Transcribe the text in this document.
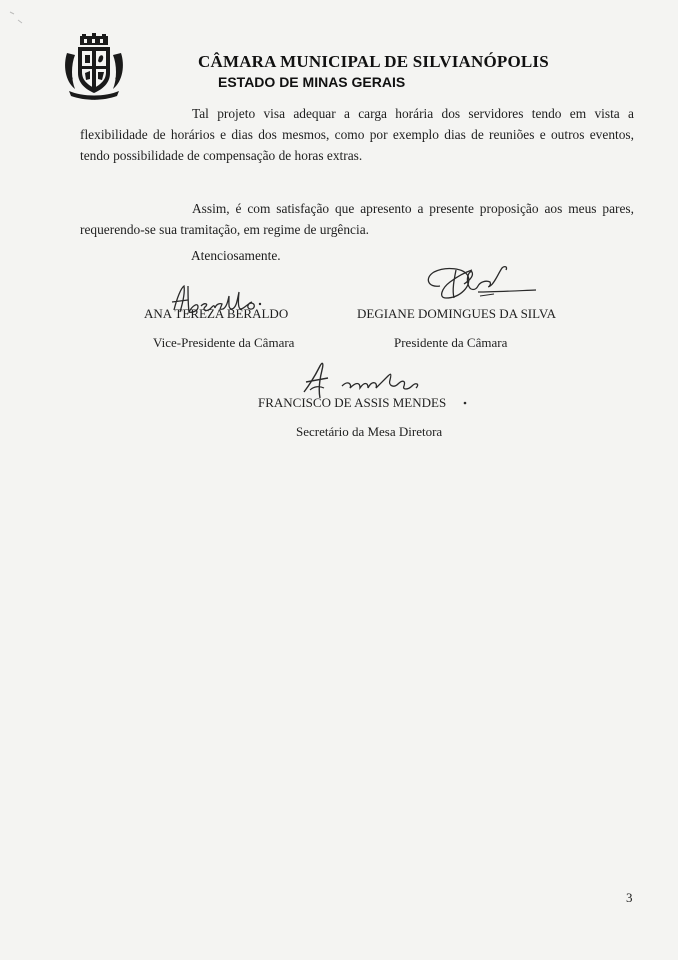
MG
CÂMARA MUNICIPAL DE SILVIANÓPOLIS
ESTADO DE MINAS GERAIS
Tal projeto visa adequar a carga horária dos servidores tendo em vista a
flexibilidade de horários e dias dos mesmos, como por exemplo dias de reuniões e outros eventos,
tendo possibilidade de compensação de horas extras.
Assim, é com satisfação que apresento a presente proposição aos meus pares,
requerendo-se sua tramitação, em regime de urgência.
Atenciosamente.
ANA TEREZA BERALDO
Vice-Presidente da Câmara
DEGIANE DOMINGUES DA SILVA
Presidente da Câmara
FRANCISCO DE ASSIS MENDES
Secretário da Mesa Diretora
3
